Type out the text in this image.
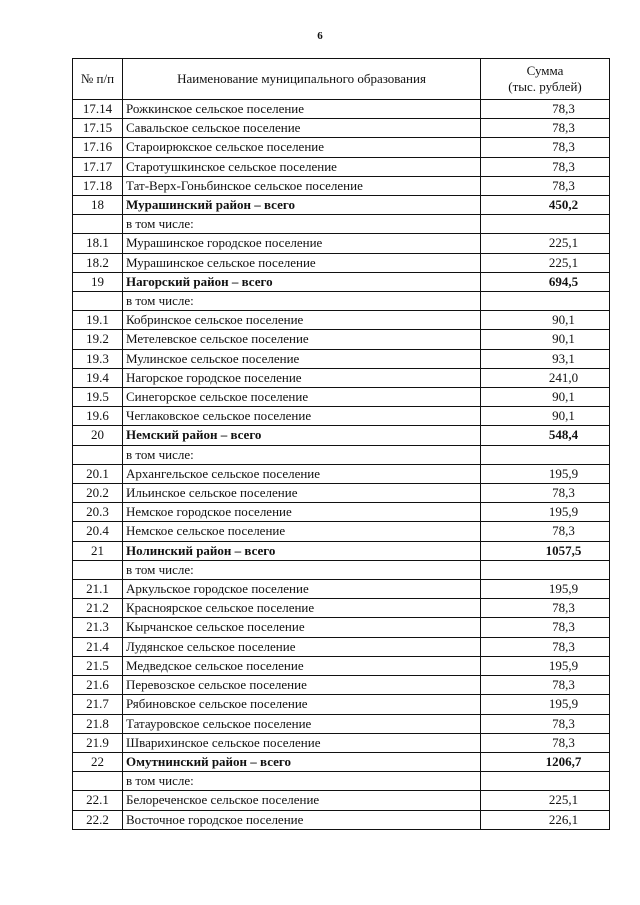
6
№ п/п	Наименование муниципального образования	Сумма
(тыс. рублей)
17.14	Рожкинское сельское поселение	78,3
17.15	Савальское сельское поселение	78,3
17.16	Староирюкское сельское поселение	78,3
17.17	Старотушкинское сельское поселение	78,3
17.18	Тат-Верх-Гоньбинское сельское поселение	78,3
18	Мурашинский район – всего	450,2
	в том числе:	
18.1	Мурашинское городское поселение	225,1
18.2	Мурашинское сельское поселение	225,1
19	Нагорский район – всего	694,5
	в том числе:	
19.1	Кобринское сельское поселение	90,1
19.2	Метелевское сельское поселение	90,1
19.3	Мулинское сельское поселение	93,1
19.4	Нагорское городское поселение	241,0
19.5	Синегорское сельское поселение	90,1
19.6	Чеглаковское сельское поселение	90,1
20	Немский район – всего	548,4
	в том числе:	
20.1	Архангельское сельское поселение	195,9
20.2	Ильинское сельское поселение	78,3
20.3	Немское городское поселение	195,9
20.4	Немское сельское поселение	78,3
21	Нолинский район – всего	1057,5
	в том числе:	
21.1	Аркульское городское поселение	195,9
21.2	Красноярское сельское поселение	78,3
21.3	Кырчанское сельское поселение	78,3
21.4	Лудянское сельское поселение	78,3
21.5	Медведское сельское поселение	195,9
21.6	Перевозское сельское поселение	78,3
21.7	Рябиновское сельское поселение	195,9
21.8	Татауровское сельское поселение	78,3
21.9	Шварихинское сельское поселение	78,3
22	Омутнинский район – всего	1206,7
	в том числе:	
22.1	Белореченское сельское поселение	225,1
22.2	Восточное городское поселение	226,1
